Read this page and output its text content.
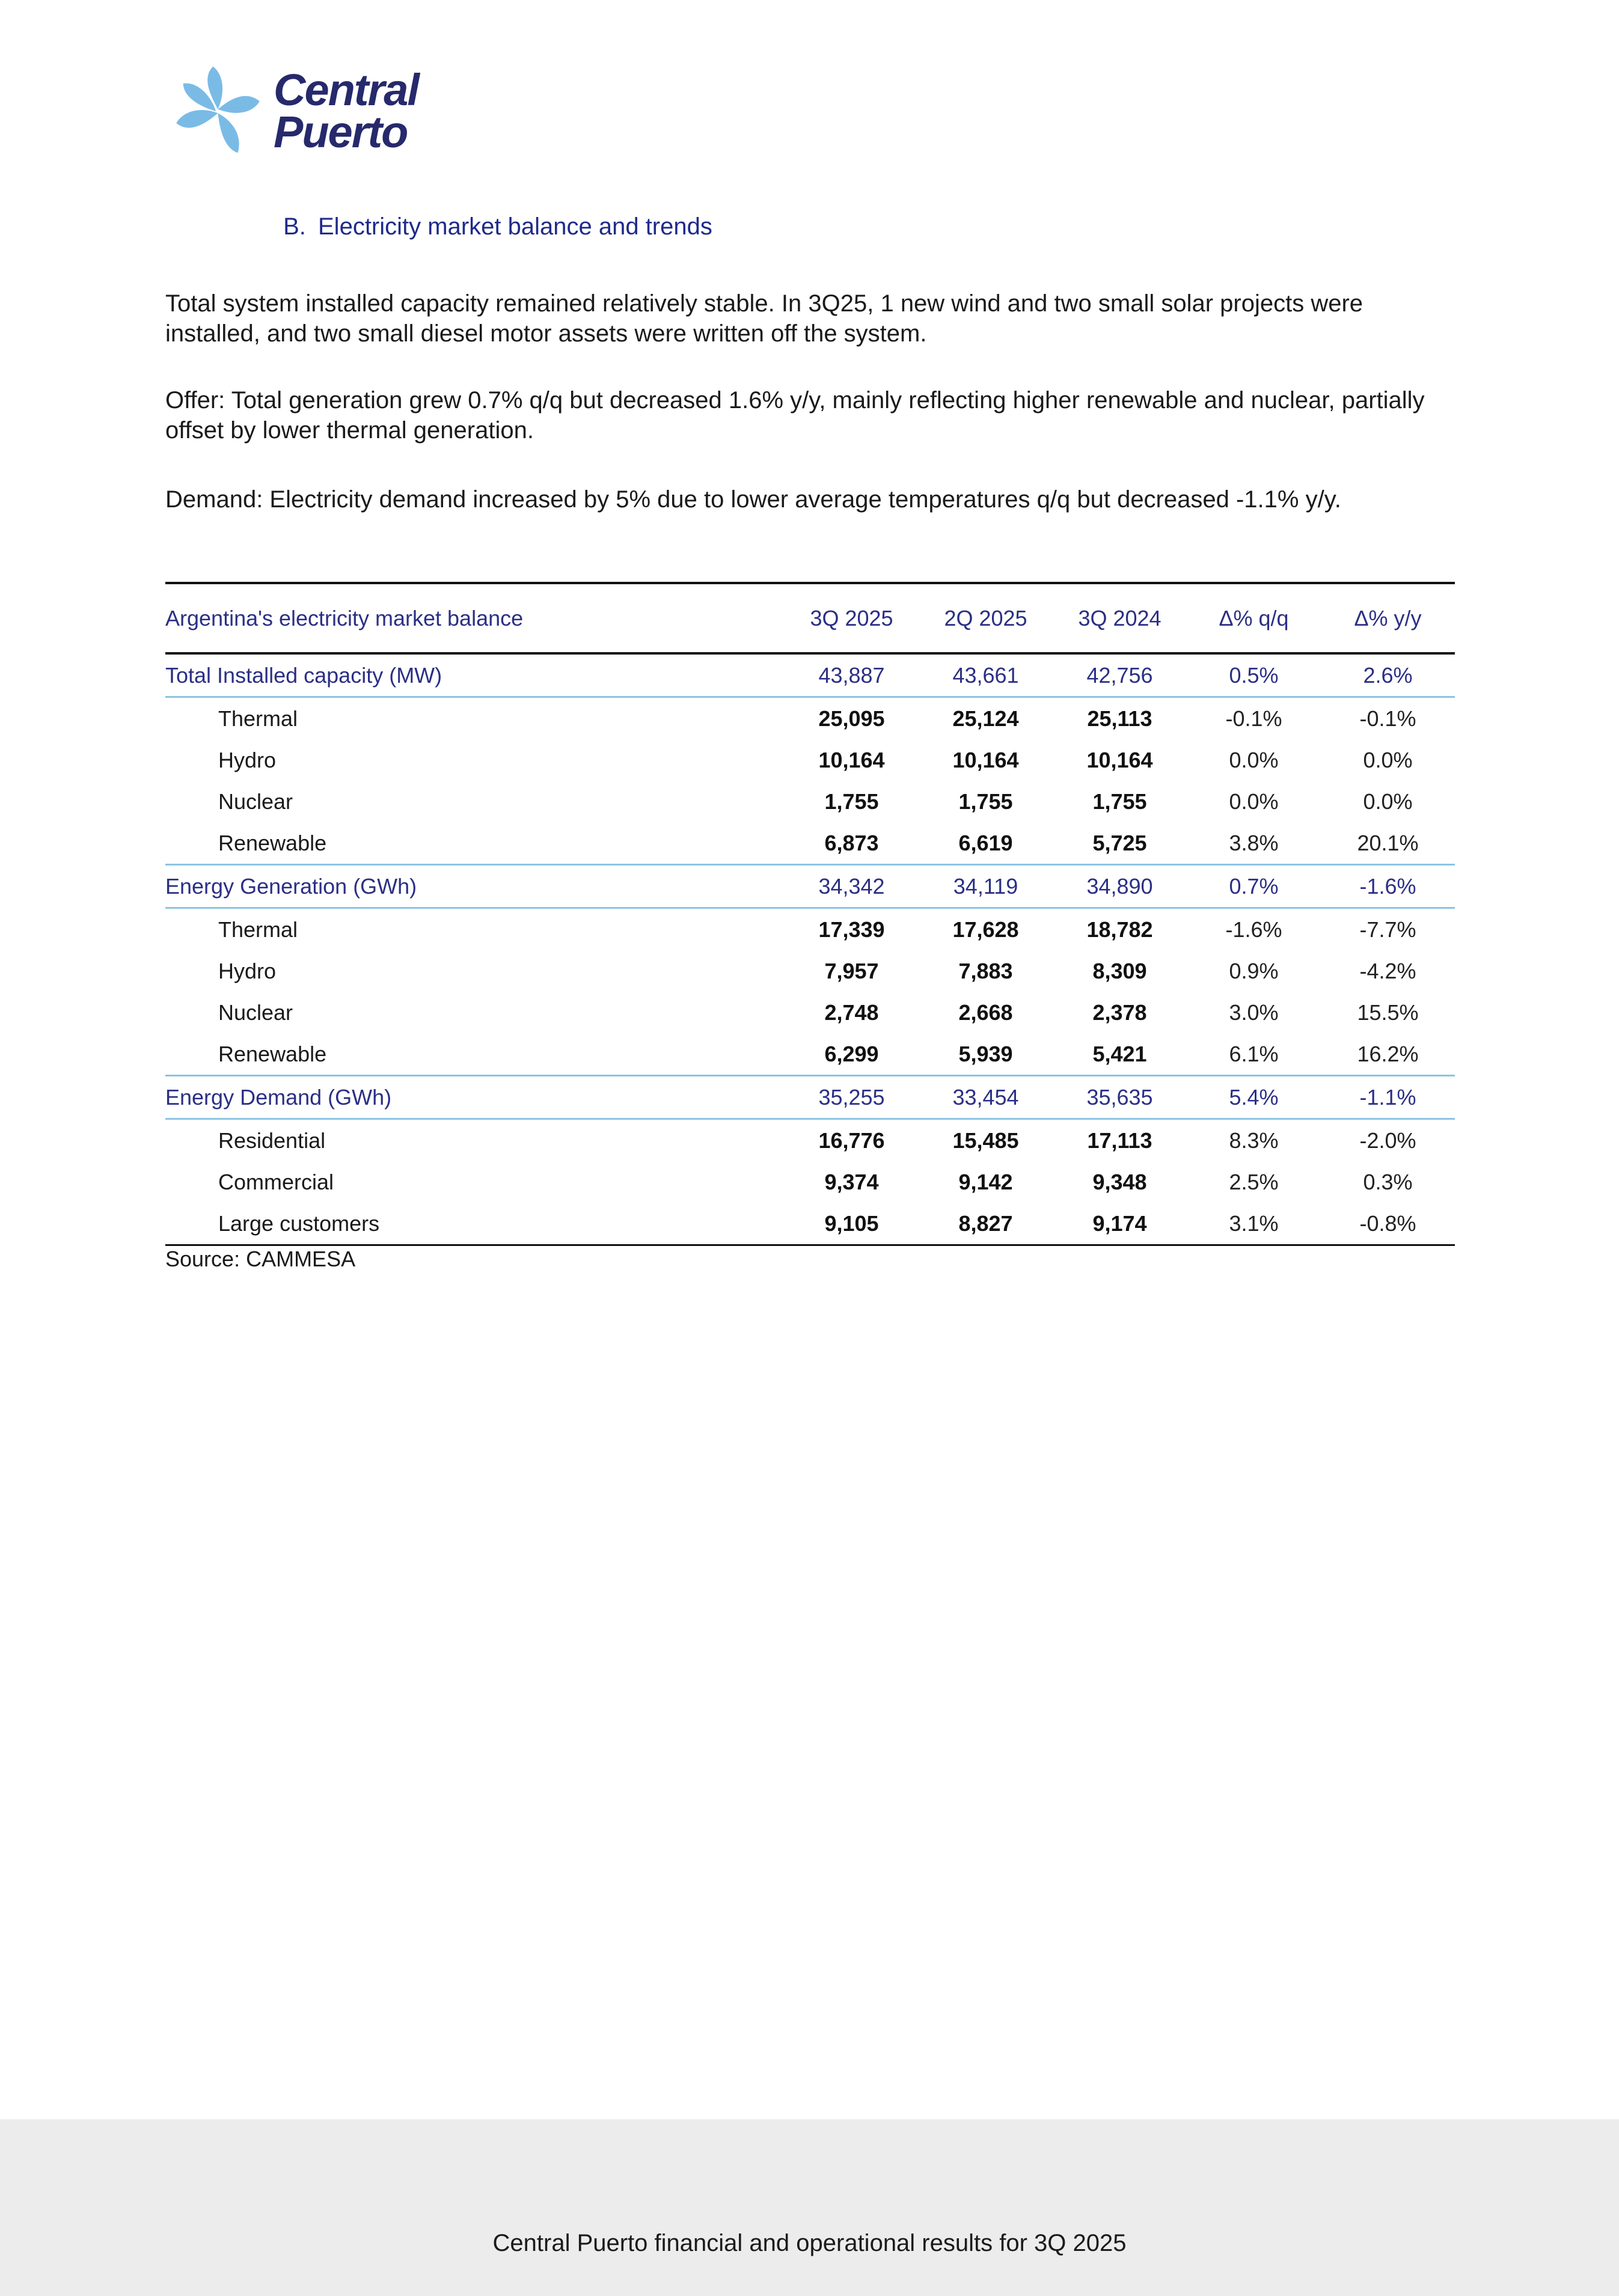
Central
Puerto
B. Electricity market balance and trends
Total system installed capacity remained relatively stable. In 3Q25, 1 new wind and two small solar projects were installed, and two small diesel motor assets were written off the system.
Offer: Total generation grew 0.7% q/q but decreased 1.6% y/y, mainly reflecting higher renewable and nuclear, partially offset by lower thermal generation.
Demand: Electricity demand increased by 5% due to lower average temperatures q/q but decreased -1.1% y/y.
Argentina's electricity market balance	3Q 2025	2Q 2025	3Q 2024	Δ% q/q	Δ% y/y
Total Installed capacity (MW)	43,887	43,661	42,756	0.5%	2.6%
Thermal	25,095	25,124	25,113	-0.1%	-0.1%
Hydro	10,164	10,164	10,164	0.0%	0.0%
Nuclear	1,755	1,755	1,755	0.0%	0.0%
Renewable	6,873	6,619	5,725	3.8%	20.1%
Energy Generation (GWh)	34,342	34,119	34,890	0.7%	-1.6%
Thermal	17,339	17,628	18,782	-1.6%	-7.7%
Hydro	7,957	7,883	8,309	0.9%	-4.2%
Nuclear	2,748	2,668	2,378	3.0%	15.5%
Renewable	6,299	5,939	5,421	6.1%	16.2%
Energy Demand (GWh)	35,255	33,454	35,635	5.4%	-1.1%
Residential	16,776	15,485	17,113	8.3%	-2.0%
Commercial	9,374	9,142	9,348	2.5%	0.3%
Large customers	9,105	8,827	9,174	3.1%	-0.8%
Source: CAMMESA
Central Puerto financial and operational results for 3Q 2025
